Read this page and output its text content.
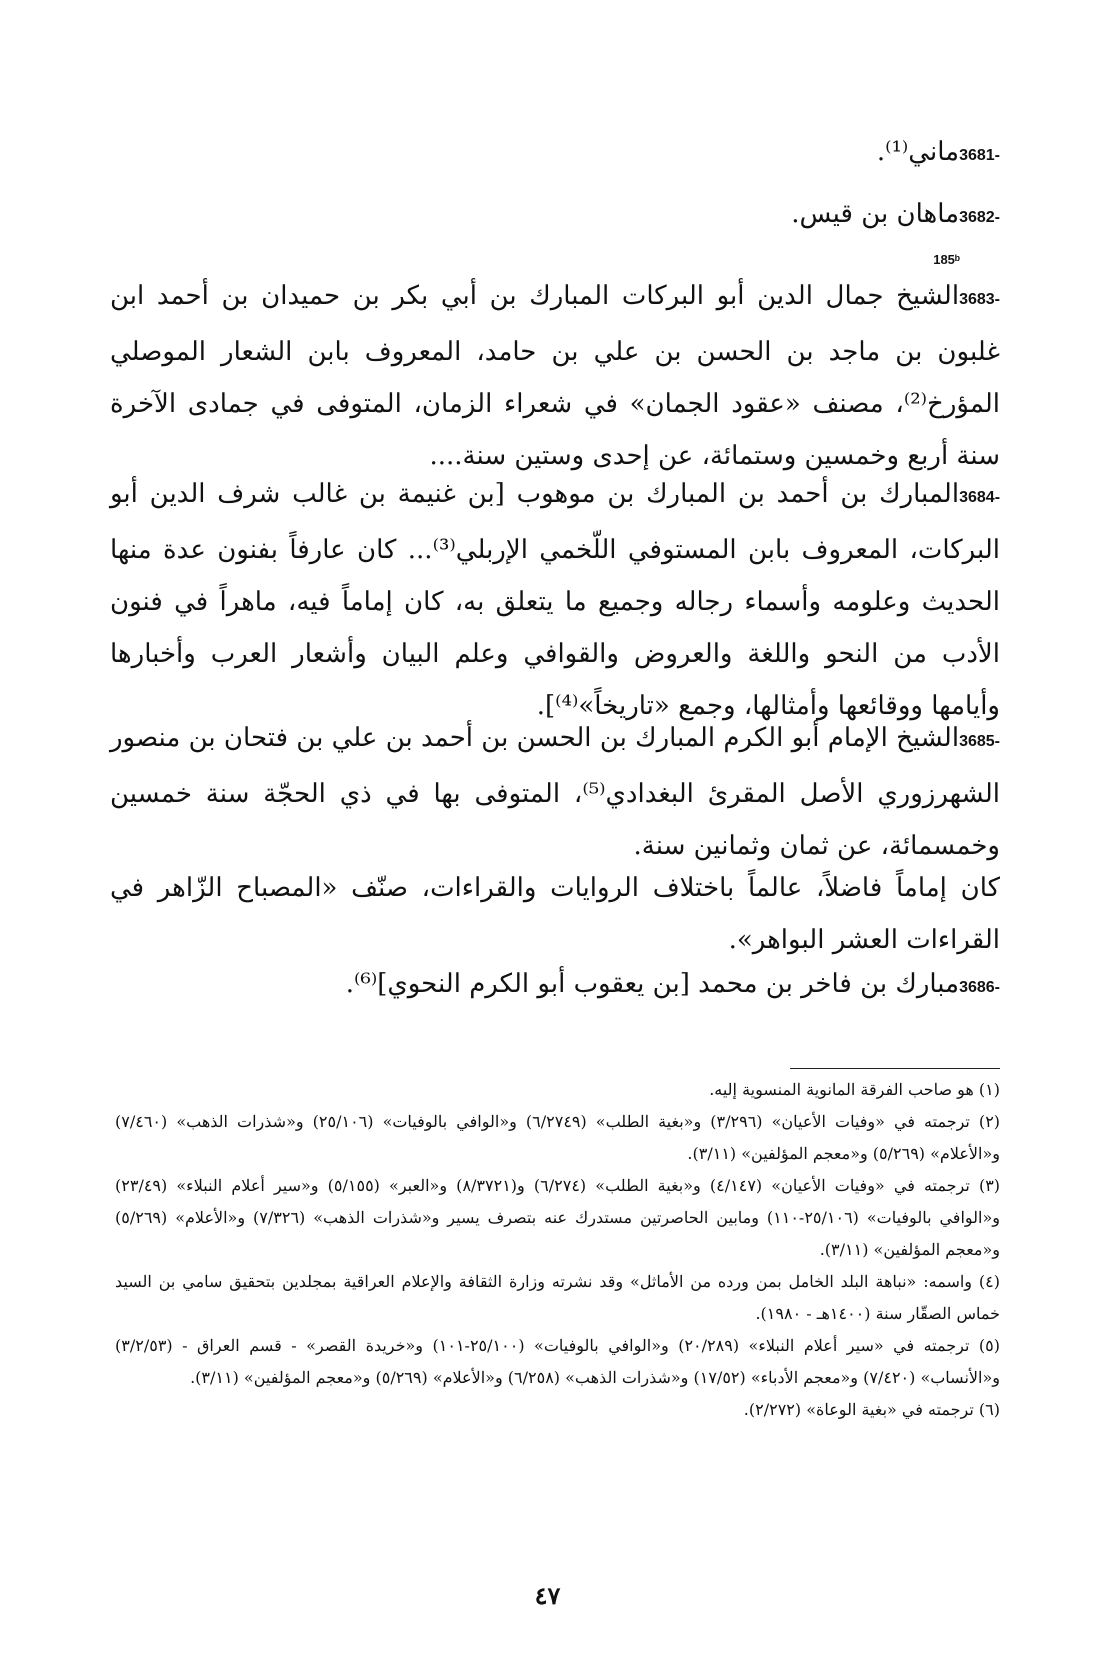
3681-ماني⁽¹⁾.
3682-ماهان بن قيس.
185ᵇ
3683-الشيخ جمال الدين أبو البركات المبارك بن أبي بكر بن حميدان بن أحمد ابن غلبون بن ماجد بن الحسن بن علي بن حامد، المعروف بابن الشعار الموصلي المؤرخ⁽²⁾، مصنف «عقود الجمان» في شعراء الزمان، المتوفى في جمادى الآخرة سنة أربع وخمسين وستمائة، عن إحدى وستين سنة....
3684-المبارك بن أحمد بن المبارك بن موهوب [بن غنيمة بن غالب شرف الدين أبو البركات، المعروف بابن المستوفي اللّخمي الإربلي⁽³⁾... كان عارفاً بفنون عدة منها الحديث وعلومه وأسماء رجاله وجميع ما يتعلق به، كان إماماً فيه، ماهراً في فنون الأدب من النحو واللغة والعروض والقوافي وعلم البيان وأشعار العرب وأخبارها وأيامها ووقائعها وأمثالها، وجمع «تاريخاً»⁽⁴⁾].
3685-الشيخ الإمام أبو الكرم المبارك بن الحسن بن أحمد بن علي بن فتحان بن منصور الشهرزوري الأصل المقرئ البغدادي⁽⁵⁾، المتوفى بها في ذي الحجّة سنة خمسين وخمسمائة، عن ثمان وثمانين سنة.
كان إماماً فاضلاً، عالماً باختلاف الروايات والقراءات، صنّف «المصباح الزّاهر في القراءات العشر البواهر».
3686-مبارك بن فاخر بن محمد [بن يعقوب أبو الكرم النحوي]⁽⁶⁾.

(١) هو صاحب الفرقة المانوية المنسوية إليه.

(٢) ترجمته في «وفيات الأعيان» (٣/٢٩٦) و«بغية الطلب» (٦/٢٧٤٩) و«الوافي بالوفيات» (٢٥/١٠٦) و«شذرات الذهب» (٧/٤٦٠) و«الأعلام» (٥/٢٦٩) و«معجم المؤلفين» (٣/١١).

(٣) ترجمته في «وفيات الأعيان» (٤/١٤٧) و«بغية الطلب» (٦/٢٧٤) و(٨/٣٧٢١) و«العبر» (٥/١٥٥) و«سير أعلام النبلاء» (٢٣/٤٩) و«الوافي بالوفيات» (٢٥/١٠٦-١١٠) ومابين الحاصرتين مستدرك عنه بتصرف يسير و«شذرات الذهب» (٧/٣٢٦) و«الأعلام» (٥/٢٦٩) و«معجم المؤلفين» (٣/١١).

(٤) واسمه: «نباهة البلد الخامل بمن ورده من الأماثل» وقد نشرته وزارة الثقافة والإعلام العراقية بمجلدين بتحقيق سامي بن السيد خماس الصقّار سنة (١٤٠٠هـ - ١٩٨٠).

(٥) ترجمته في «سير أعلام النبلاء» (٢٠/٢٨٩) و«الوافي بالوفيات» (٢٥/١٠٠-١٠١) و«خريدة القصر» - قسم العراق - (٣/٢/٥٣) و«الأنساب» (٧/٤٢٠) و«معجم الأدباء» (١٧/٥٢) و«شذرات الذهب» (٦/٢٥٨) و«الأعلام» (٥/٢٦٩) و«معجم المؤلفين» (٣/١١).

(٦) ترجمته في «بغية الوعاة» (٢/٢٧٢).

٤٧
